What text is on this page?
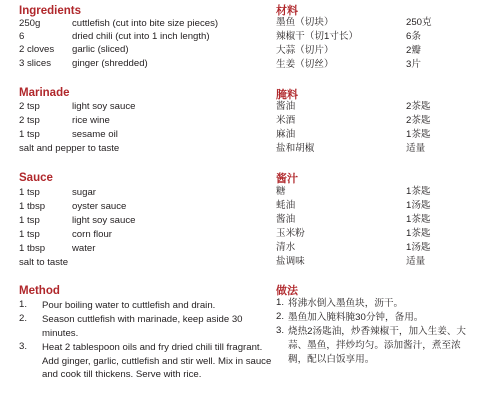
Ingredients
250g	cuttlefish (cut into bite size pieces)
6	dried chili (cut into 1 inch length)
2 cloves garlic (sliced)
3 slices ginger (shredded)
Marinade
2 tsp	light soy sauce
2 tsp	rice wine
1 tsp	sesame oil
salt and pepper to taste
Sauce
1 tsp	sugar
1 tbsp	oyster sauce
1 tsp	light soy sauce
1 tsp	corn flour
1 tbsp	water
salt to taste
Method
1. Pour boiling water to cuttlefish and drain.
2. Season cuttlefish with marinade, keep aside 30 minutes.
3. Heat 2 tablespoon oils and fry dried chili till fragrant. Add ginger, garlic, cuttlefish and stir well. Mix in sauce and cook till thickens. Serve with rice.
材料
墨鱼（切块）	250克
辣椒干（切1寸长）	6条
大蒜（切片）	2瓣
生姜（切丝）	3片
腌料
酱油	2茶匙
米酒	2茶匙
麻油	1茶匙
盐和胡椒	适量
酱汁
糖	1茶匙
蚝油	1汤匙
酱油	1茶匙
玉米粉	1茶匙
清水	1汤匙
盐调味	适量
做法
1. 将沸水倒入墨鱼块，沥干。
2. 墨鱼加入腌料腌30分钟，备用。
3. 烧热2汤匙油，炒香辣椒干，加入生姜、大蒜、墨鱼，拌炒均匀。添加酱汁，煮至浓稠，配以白饭享用。
